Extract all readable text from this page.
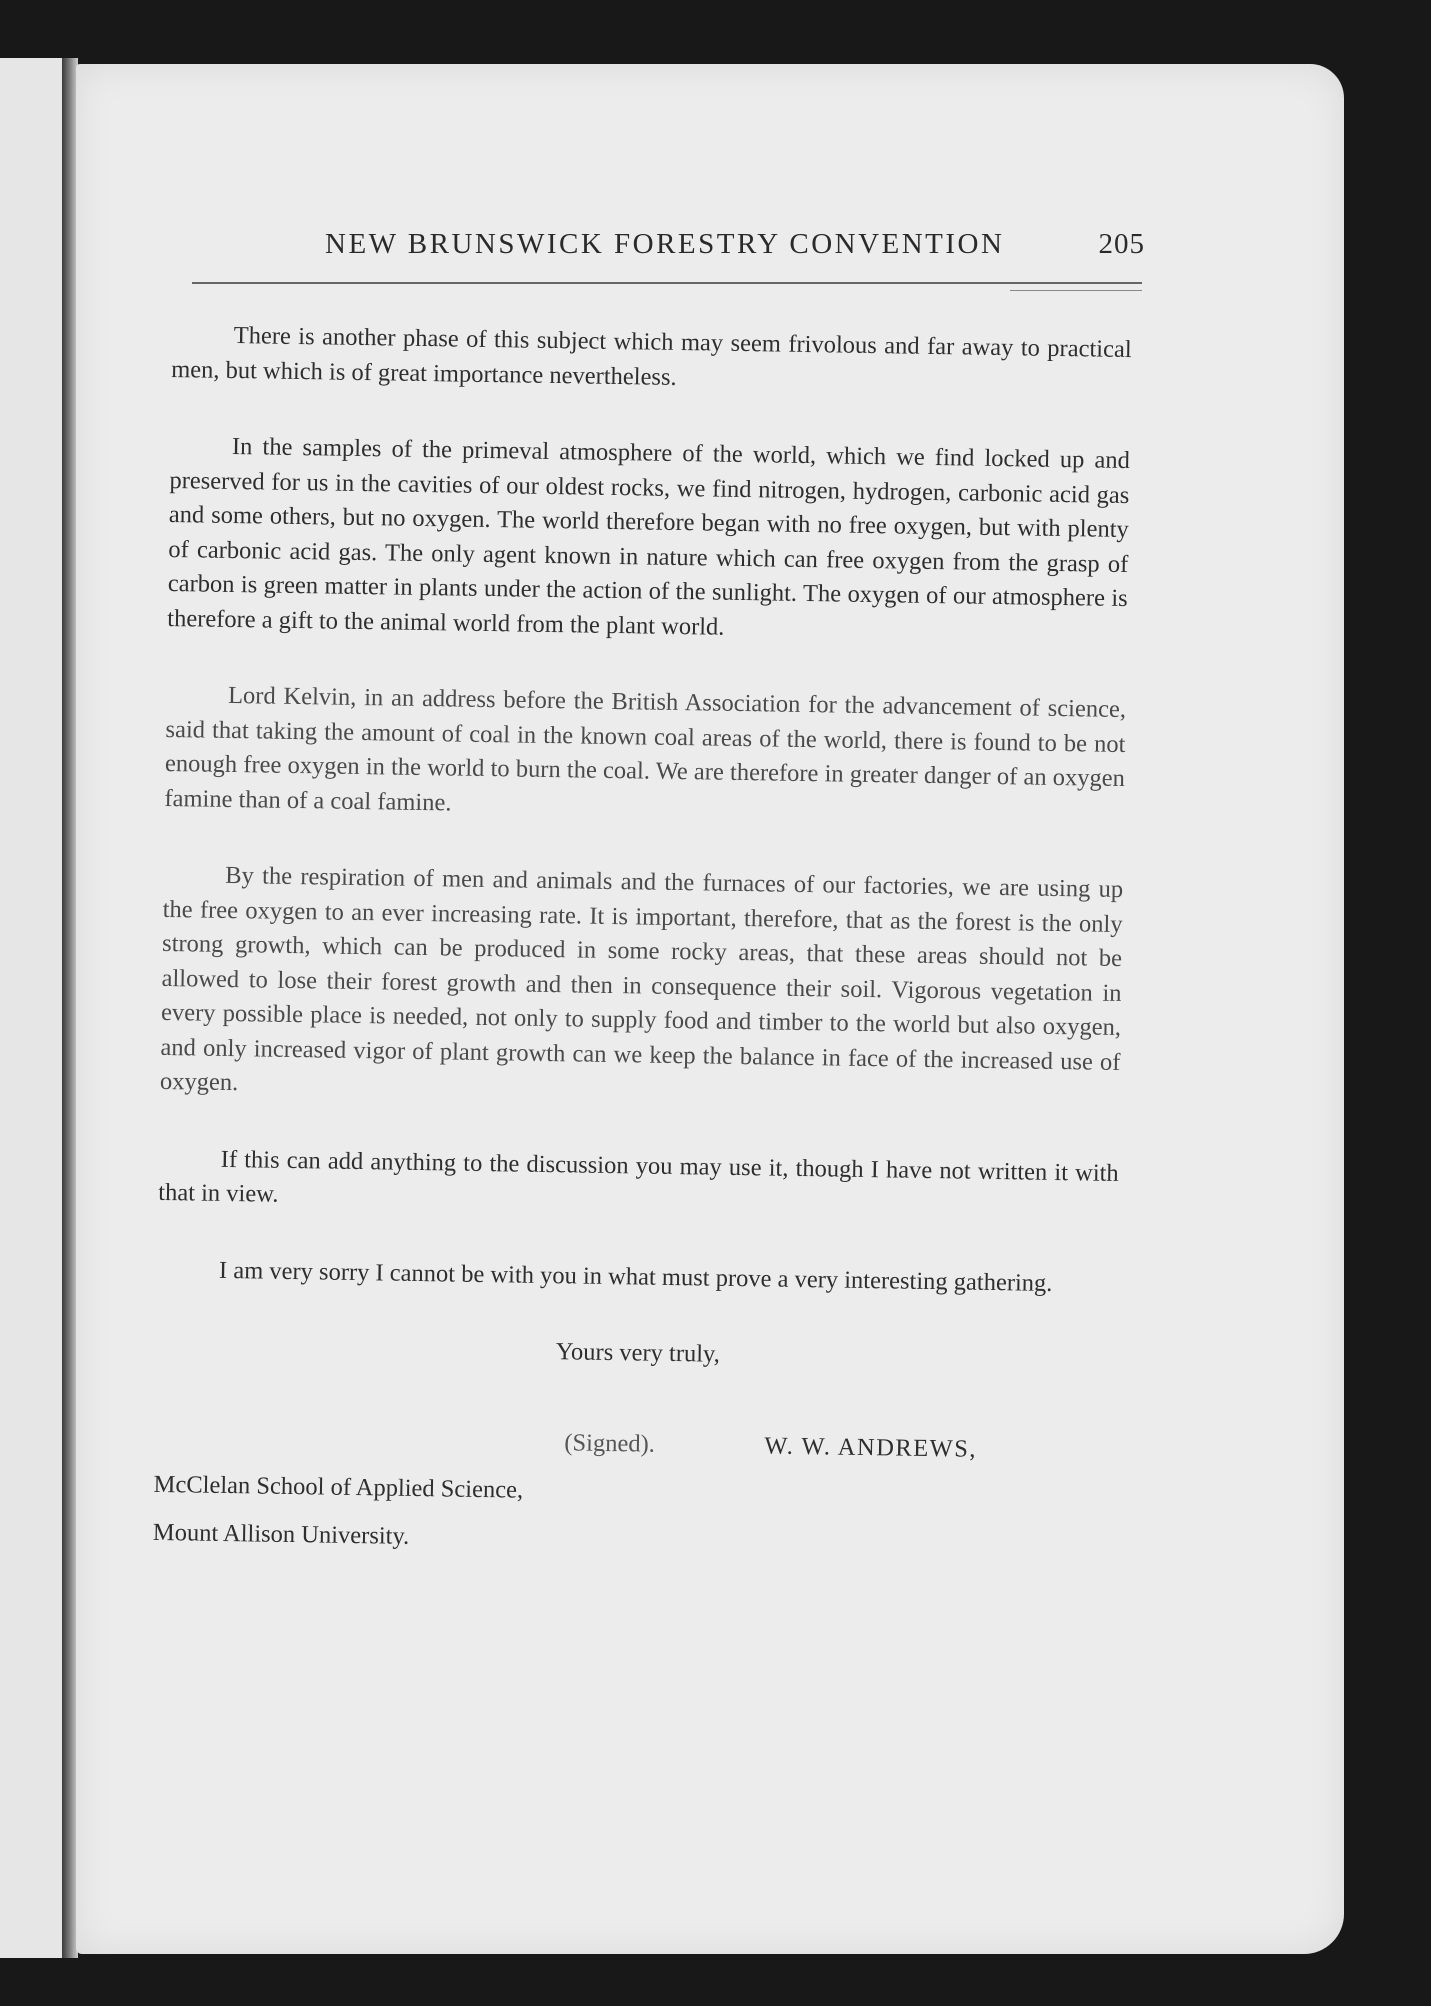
NEW BRUNSWICK FORESTRY CONVENTION	205

There is another phase of this subject which may seem frivolous and far away to practical men, but which is of great importance nevertheless.

In the samples of the primeval atmosphere of the world, which we find locked up and preserved for us in the cavities of our oldest rocks, we find nitrogen, hydrogen, carbonic acid gas and some others, but no oxygen. The world therefore began with no free oxygen, but with plenty of carbonic acid gas. The only agent known in nature which can free oxygen from the grasp of carbon is green matter in plants under the action of the sunlight. The oxygen of our atmosphere is therefore a gift to the animal world from the plant world.

Lord Kelvin, in an address before the British Association for the advancement of science, said that taking the amount of coal in the known coal areas of the world, there is found to be not enough free oxygen in the world to burn the coal. We are therefore in greater danger of an oxygen famine than of a coal famine.

By the respiration of men and animals and the furnaces of our factories, we are using up the free oxygen to an ever increasing rate. It is important, therefore, that as the forest is the only strong growth, which can be produced in some rocky areas, that these areas should not be allowed to lose their forest growth and then in consequence their soil. Vigorous vegetation in every possible place is needed, not only to supply food and timber to the world but also oxygen, and only increased vigor of plant growth can we keep the balance in face of the increased use of oxygen.

If this can add anything to the discussion you may use it, though I have not written it with that in view.

I am very sorry I cannot be with you in what must prove a very interesting gathering.

Yours very truly,

(Signed).	W. W. ANDREWS,

McClelan School of Applied Science,

Mount Allison University.
